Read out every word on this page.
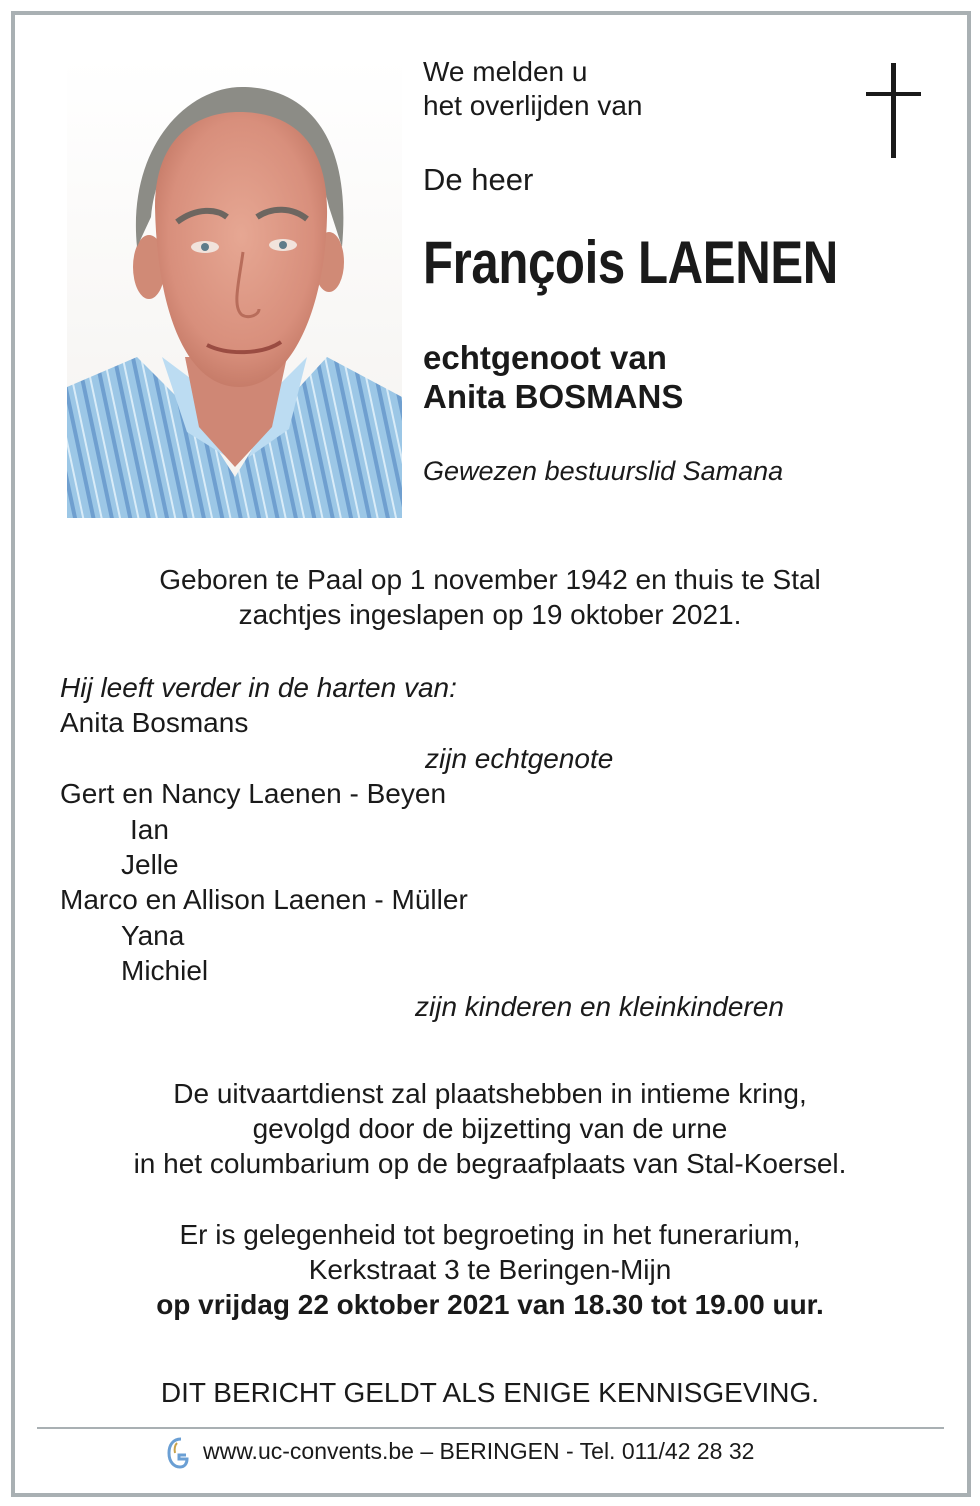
We melden u
het overlijden van
De heer
François LAENEN
echtgenoot van
Anita BOSMANS
Gewezen bestuurslid Samana
Geboren te Paal op 1 november 1942 en thuis te Stal
zachtjes ingeslapen op 19 oktober 2021.
Hij leeft verder in de harten van:
Anita Bosmans
zijn echtgenote
Gert en Nancy Laenen - Beyen
Ian
Jelle
Marco en Allison Laenen - Müller
Yana
Michiel
zijn kinderen en kleinkinderen
De uitvaartdienst zal plaatshebben in intieme kring,
gevolgd door de bijzetting van de urne
in het columbarium op de begraafplaats van Stal-Koersel.
Er is gelegenheid tot begroeting in het funerarium,
Kerkstraat 3 te Beringen-Mijn
op vrijdag 22 oktober 2021 van 18.30 tot 19.00 uur.
DIT BERICHT GELDT ALS ENIGE KENNISGEVING.
www.uc-convents.be – BERINGEN - Tel. 011/42 28 32
